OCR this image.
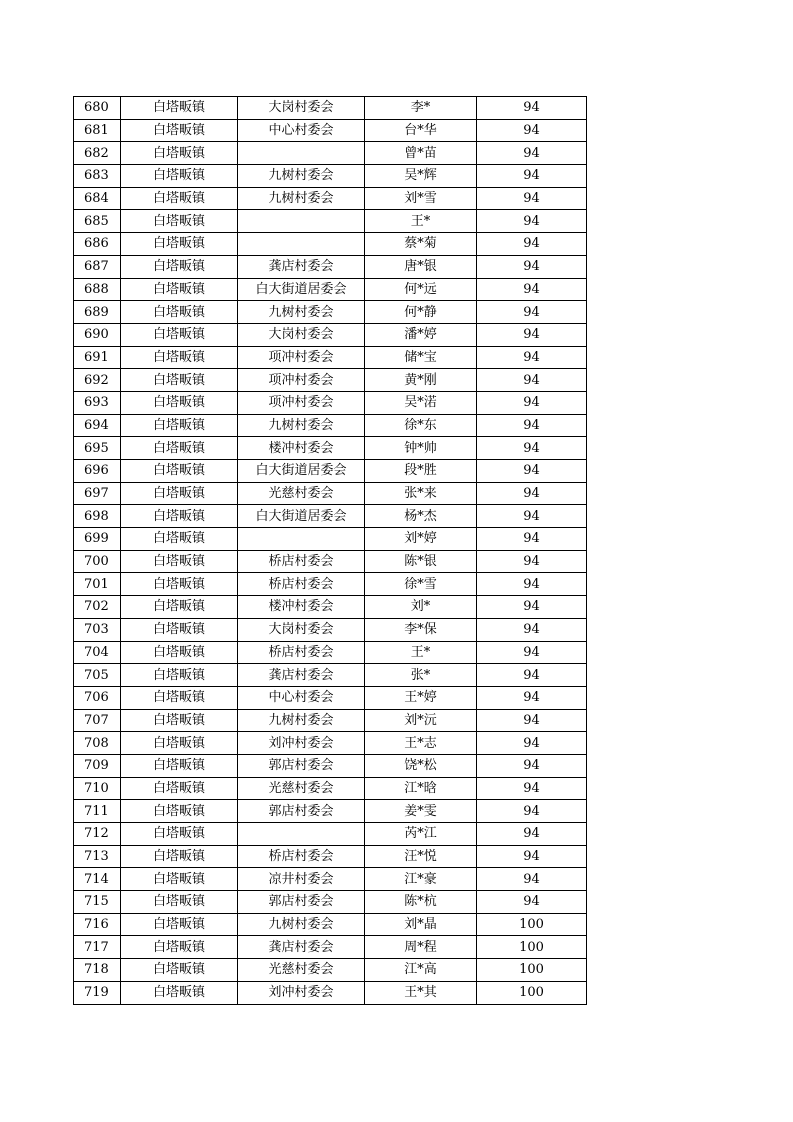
680	白塔畈镇	大岗村委会	李*	94
681	白塔畈镇	中心村委会	台*华	94
682	白塔畈镇		曾*苗	94
683	白塔畈镇	九树村委会	吴*辉	94
684	白塔畈镇	九树村委会	刘*雪	94
685	白塔畈镇		王*	94
686	白塔畈镇		蔡*菊	94
687	白塔畈镇	龚店村委会	唐*银	94
688	白塔畈镇	白大街道居委会	何*远	94
689	白塔畈镇	九树村委会	何*静	94
690	白塔畈镇	大岗村委会	潘*婷	94
691	白塔畈镇	项冲村委会	储*宝	94
692	白塔畈镇	项冲村委会	黄*刚	94
693	白塔畈镇	项冲村委会	吴*渃	94
694	白塔畈镇	九树村委会	徐*东	94
695	白塔畈镇	楼冲村委会	钟*帅	94
696	白塔畈镇	白大街道居委会	段*胜	94
697	白塔畈镇	光慈村委会	张*来	94
698	白塔畈镇	白大街道居委会	杨*杰	94
699	白塔畈镇		刘*婷	94
700	白塔畈镇	桥店村委会	陈*银	94
701	白塔畈镇	桥店村委会	徐*雪	94
702	白塔畈镇	楼冲村委会	刘*	94
703	白塔畈镇	大岗村委会	李*保	94
704	白塔畈镇	桥店村委会	王*	94
705	白塔畈镇	龚店村委会	张*	94
706	白塔畈镇	中心村委会	王*婷	94
707	白塔畈镇	九树村委会	刘*沅	94
708	白塔畈镇	刘冲村委会	王*志	94
709	白塔畈镇	郭店村委会	饶*松	94
710	白塔畈镇	光慈村委会	江*晗	94
711	白塔畈镇	郭店村委会	姜*雯	94
712	白塔畈镇		芮*江	94
713	白塔畈镇	桥店村委会	汪*悦	94
714	白塔畈镇	凉井村委会	江*豪	94
715	白塔畈镇	郭店村委会	陈*杭	94
716	白塔畈镇	九树村委会	刘*晶	100
717	白塔畈镇	龚店村委会	周*程	100
718	白塔畈镇	光慈村委会	江*高	100
719	白塔畈镇	刘冲村委会	王*其	100
